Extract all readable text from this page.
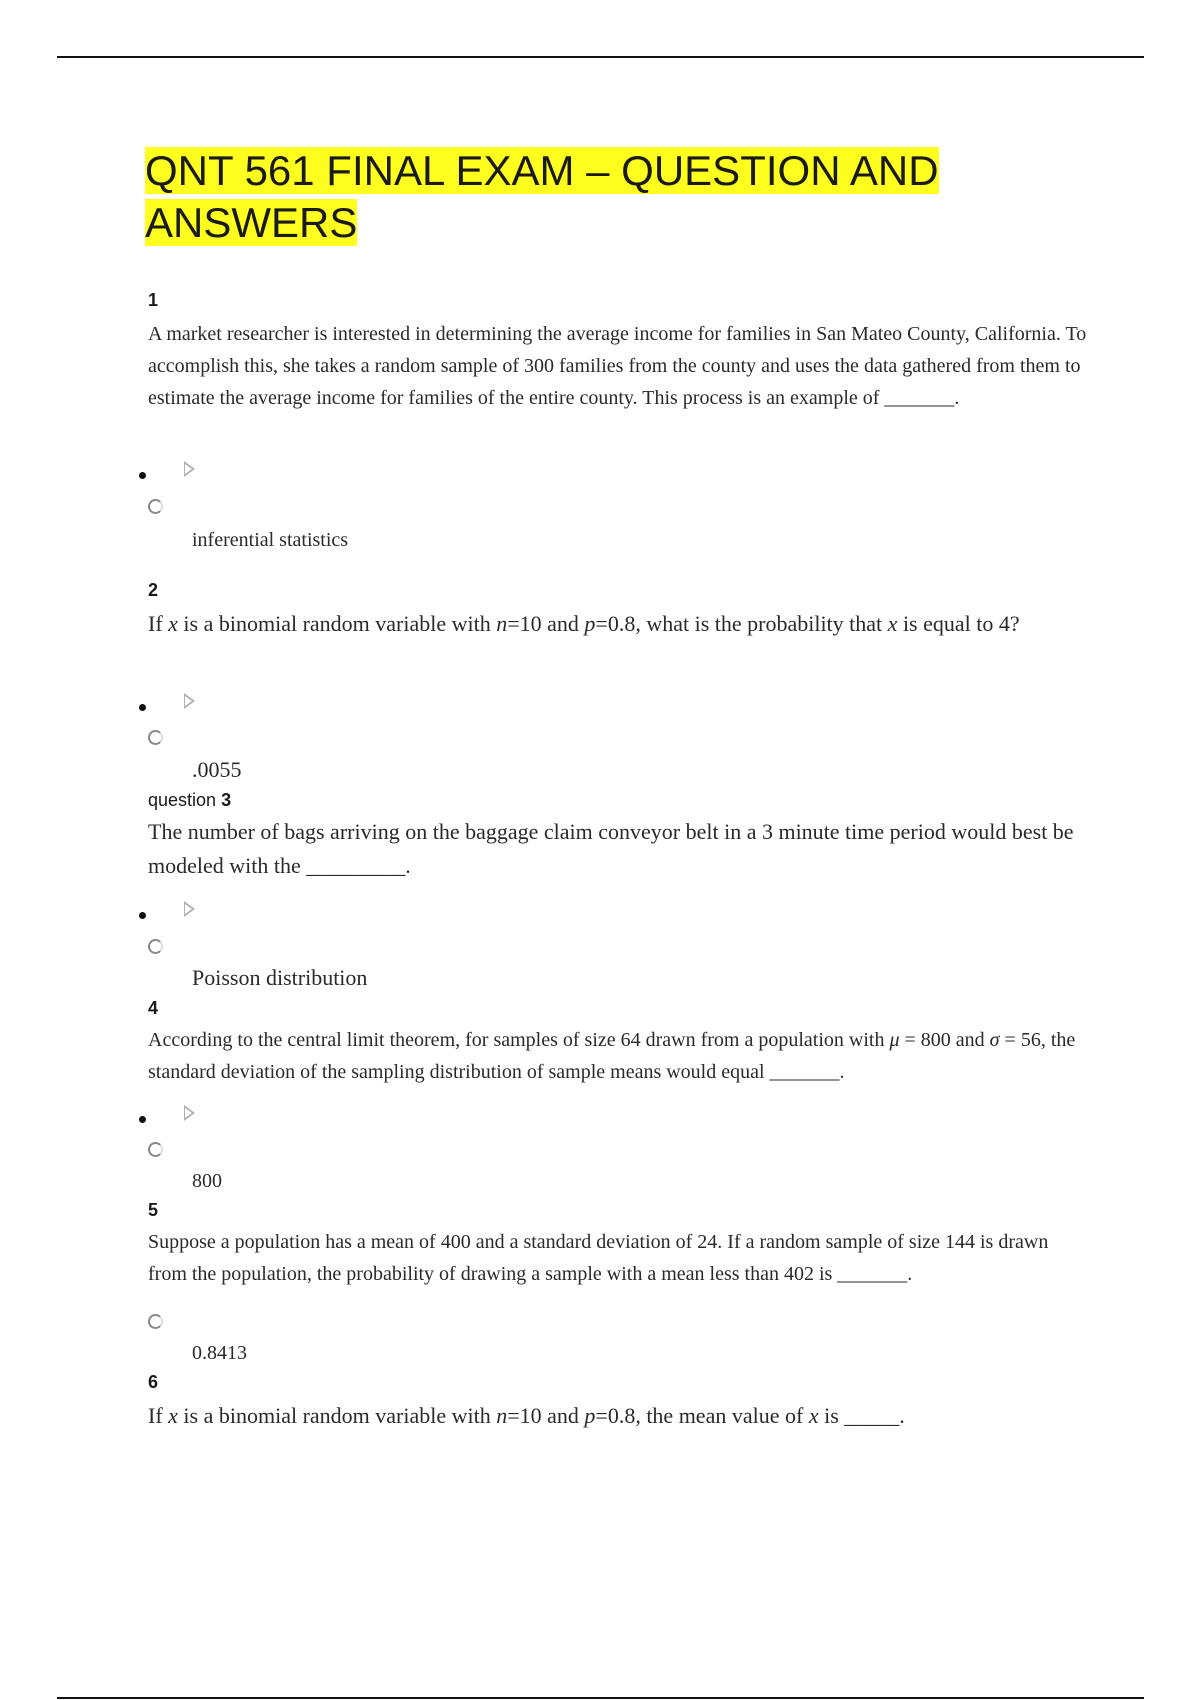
QNT 561 FINAL EXAM – QUESTION AND ANSWERS

1

A market researcher is interested in determining the average income for families in San Mateo County, California. To accomplish this, she takes a random sample of 300 families from the county and uses the data gathered from them to estimate the average income for families of the entire county. This process is an example of _______.

inferential statistics

2

If x is a binomial random variable with n=10 and p=0.8, what is the probability that x is equal to 4?

.0055

question 3

The number of bags arriving on the baggage claim conveyor belt in a 3 minute time period would best be modeled with the _________.

Poisson distribution

4

According to the central limit theorem, for samples of size 64 drawn from a population with μ = 800 and σ = 56, the standard deviation of the sampling distribution of sample means would equal _______.

800

5

Suppose a population has a mean of 400 and a standard deviation of 24. If a random sample of size 144 is drawn from the population, the probability of drawing a sample with a mean less than 402 is _______.

0.8413

6

If x is a binomial random variable with n=10 and p=0.8, the mean value of x is _____.
